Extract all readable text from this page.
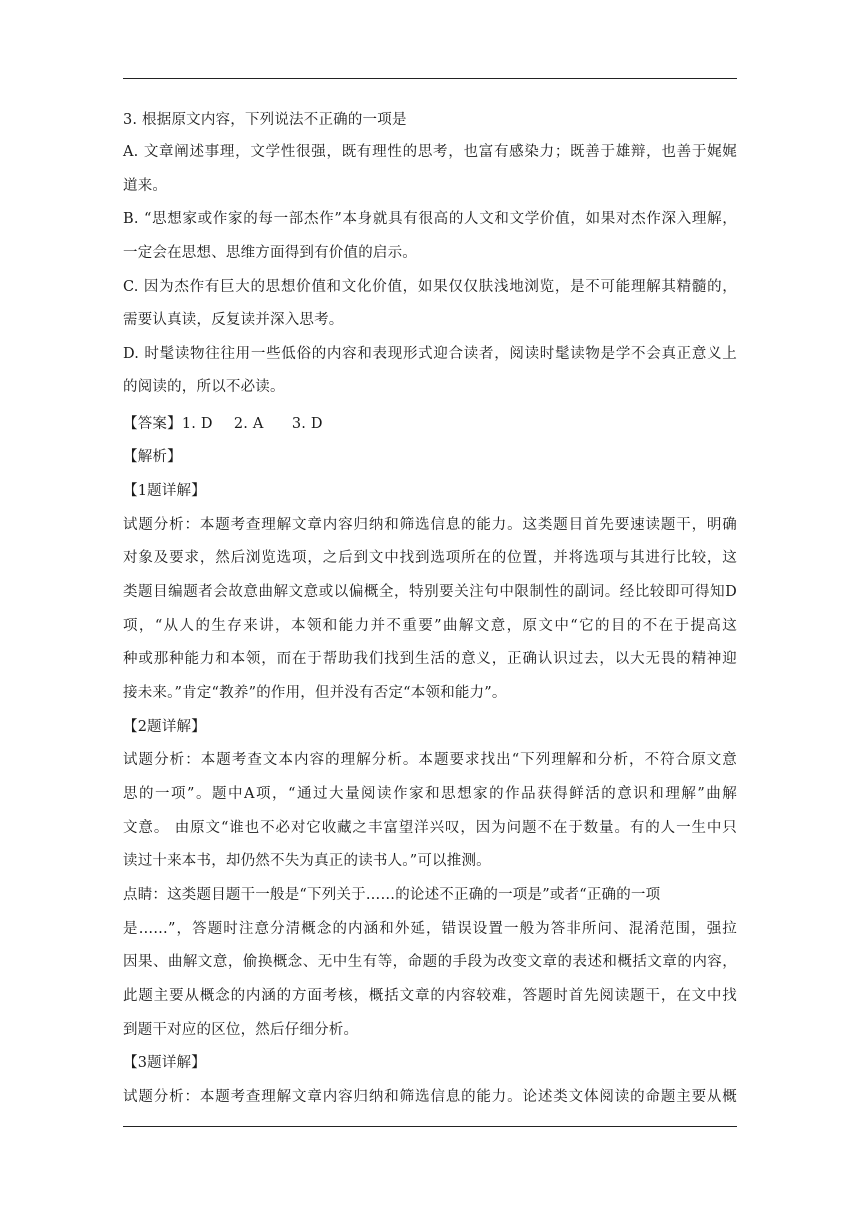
3. 根据原文内容，下列说法不正确的一项是
A. 文章阐述事理，文学性很强，既有理性的思考，也富有感染力；既善于雄辩，也善于娓娓
道来。
B. “思想家或作家的每一部杰作”本身就具有很高的人文和文学价值，如果对杰作深入理解，
一定会在思想、思维方面得到有价值的启示。
C. 因为杰作有巨大的思想价值和文化价值，如果仅仅肤浅地浏览，是不可能理解其精髓的，
需要认真读，反复读并深入思考。
D. 时髦读物往往用一些低俗的内容和表现形式迎合读者，阅读时髦读物是学不会真正意义上
的阅读的，所以不必读。
【答案】1. D 2. A 3. D
【解析】
【1题详解】
试题分析：本题考查理解文章内容归纳和筛选信息的能力。这类题目首先要速读题干，明确
对象及要求，然后浏览选项，之后到文中找到选项所在的位置，并将选项与其进行比较，这
类题目编题者会故意曲解文意或以偏概全，特别要关注句中限制性的副词。经比较即可得知D
项，“从人的生存来讲，本领和能力并不重要”曲解文意，原文中“它的目的不在于提高这
种或那种能力和本领，而在于帮助我们找到生活的意义，正确认识过去，以大无畏的精神迎
接未来。”肯定“教养”的作用，但并没有否定“本领和能力”。
【2题详解】
试题分析：本题考查文本内容的理解分析。本题要求找出“下列理解和分析，不符合原文意
思的一项”。题中A项，“通过大量阅读作家和思想家的作品获得鲜活的意识和理解”曲解
文意。 由原文“谁也不必对它收藏之丰富望洋兴叹，因为问题不在于数量。有的人一生中只
读过十来本书，却仍然不失为真正的读书人。”可以推测。
点睛：这类题目题干一般是“下列关于……的论述不正确的一项是”或者“正确的一项
是……”，答题时注意分清概念的内涵和外延，错误设置一般为答非所问、混淆范围，强拉
因果、曲解文意，偷换概念、无中生有等，命题的手段为改变文章的表述和概括文章的内容，
此题主要从概念的内涵的方面考核，概括文章的内容较难，答题时首先阅读题干，在文中找
到题干对应的区位，然后仔细分析。
【3题详解】
试题分析：本题考查理解文章内容归纳和筛选信息的能力。论述类文体阅读的命题主要从概
